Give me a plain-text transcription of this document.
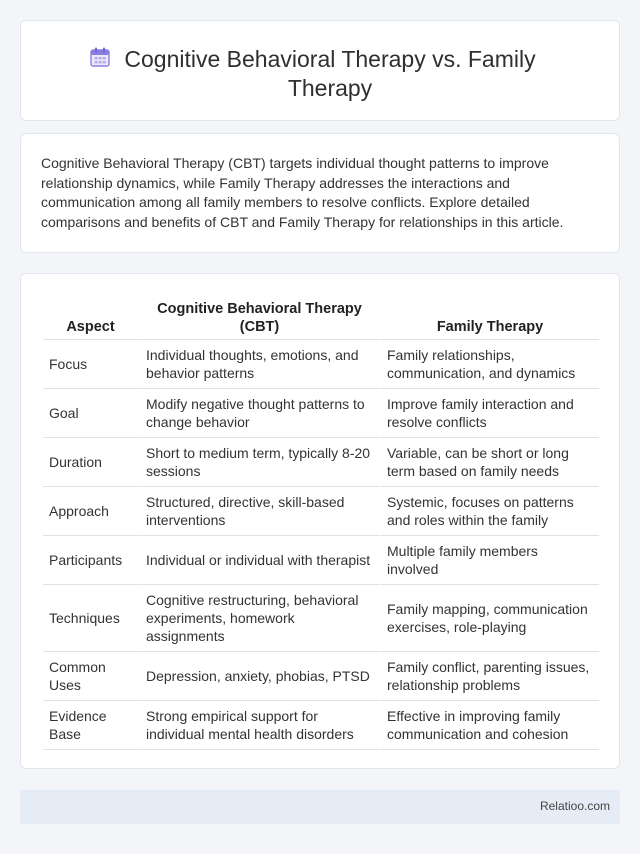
Cognitive Behavioral Therapy vs. Family Therapy

Cognitive Behavioral Therapy (CBT) targets individual thought patterns to improve relationship dynamics, while Family Therapy addresses the interactions and communication among all family members to resolve conflicts. Explore detailed comparisons and benefits of CBT and Family Therapy for relationships in this article.

Aspect	Cognitive Behavioral Therapy (CBT)	Family Therapy
Focus	Individual thoughts, emotions, and behavior patterns	Family relationships, communication, and dynamics
Goal	Modify negative thought patterns to change behavior	Improve family interaction and resolve conflicts
Duration	Short to medium term, typically 8-20 sessions	Variable, can be short or long term based on family needs
Approach	Structured, directive, skill-based interventions	Systemic, focuses on patterns and roles within the family
Participants	Individual or individual with therapist	Multiple family members involved
Techniques	Cognitive restructuring, behavioral experiments, homework assignments	Family mapping, communication exercises, role-playing
Common Uses	Depression, anxiety, phobias, PTSD	Family conflict, parenting issues, relationship problems
Evidence Base	Strong empirical support for individual mental health disorders	Effective in improving family communication and cohesion
Relatioo.com
